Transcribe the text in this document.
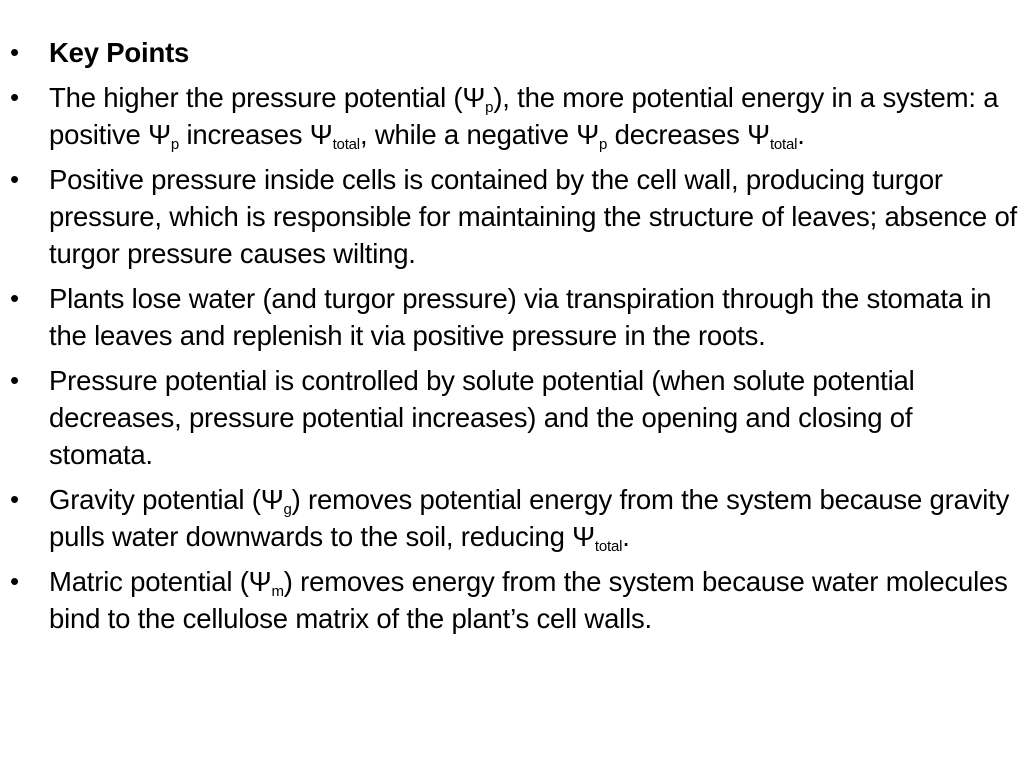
• Key Points
• The higher the pressure potential $(\Psi_p)$, the more potential energy in a system: a positive $\Psi_p$ increases $\Psi_{total}$, while a negative $\Psi_p$ decreases $\Psi_{total}$.
• Positive pressure inside cells is contained by the cell wall, producing turgor pressure, which is responsible for maintaining the structure of leaves; absence of turgor pressure causes wilting.
• Plants lose water (and turgor pressure) via transpiration through the stomata in the leaves and replenish it via positive pressure in the roots.
• Pressure potential is controlled by solute potential (when solute potential decreases, pressure potential increases) and the opening and closing of stomata.
• Gravity potential $(\Psi_g)$ removes potential energy from the system because gravity pulls water downwards to the soil, reducing $\Psi_{total}$.
• Matric potential $(\Psi_m)$ removes energy from the system because water molecules bind to the cellulose matrix of the plant’s cell walls.
